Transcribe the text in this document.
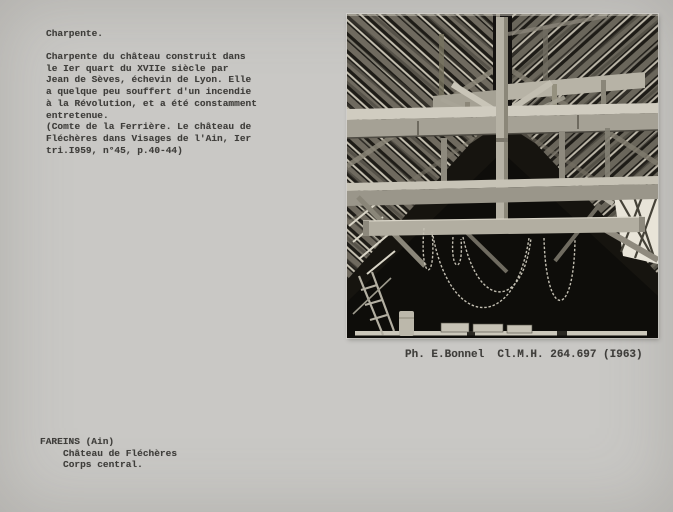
Charpente.
Charpente du château construit dans
le Ier quart du XVIIe siècle par
Jean de Sèves, échevin de Lyon. Elle
a quelque peu souffert d'un incendie
à la Révolution, et a été constamment
entretenue.
(Comte de la Ferrière. Le château de
Fléchères dans Visages de l'Ain, Ier
tri.I959, n°45, p.40-44)
Ph. E.Bonnel  Cl.M.H. 264.697 (I963)
FAREINS (Ain)
Château de Fléchères
Corps central.
